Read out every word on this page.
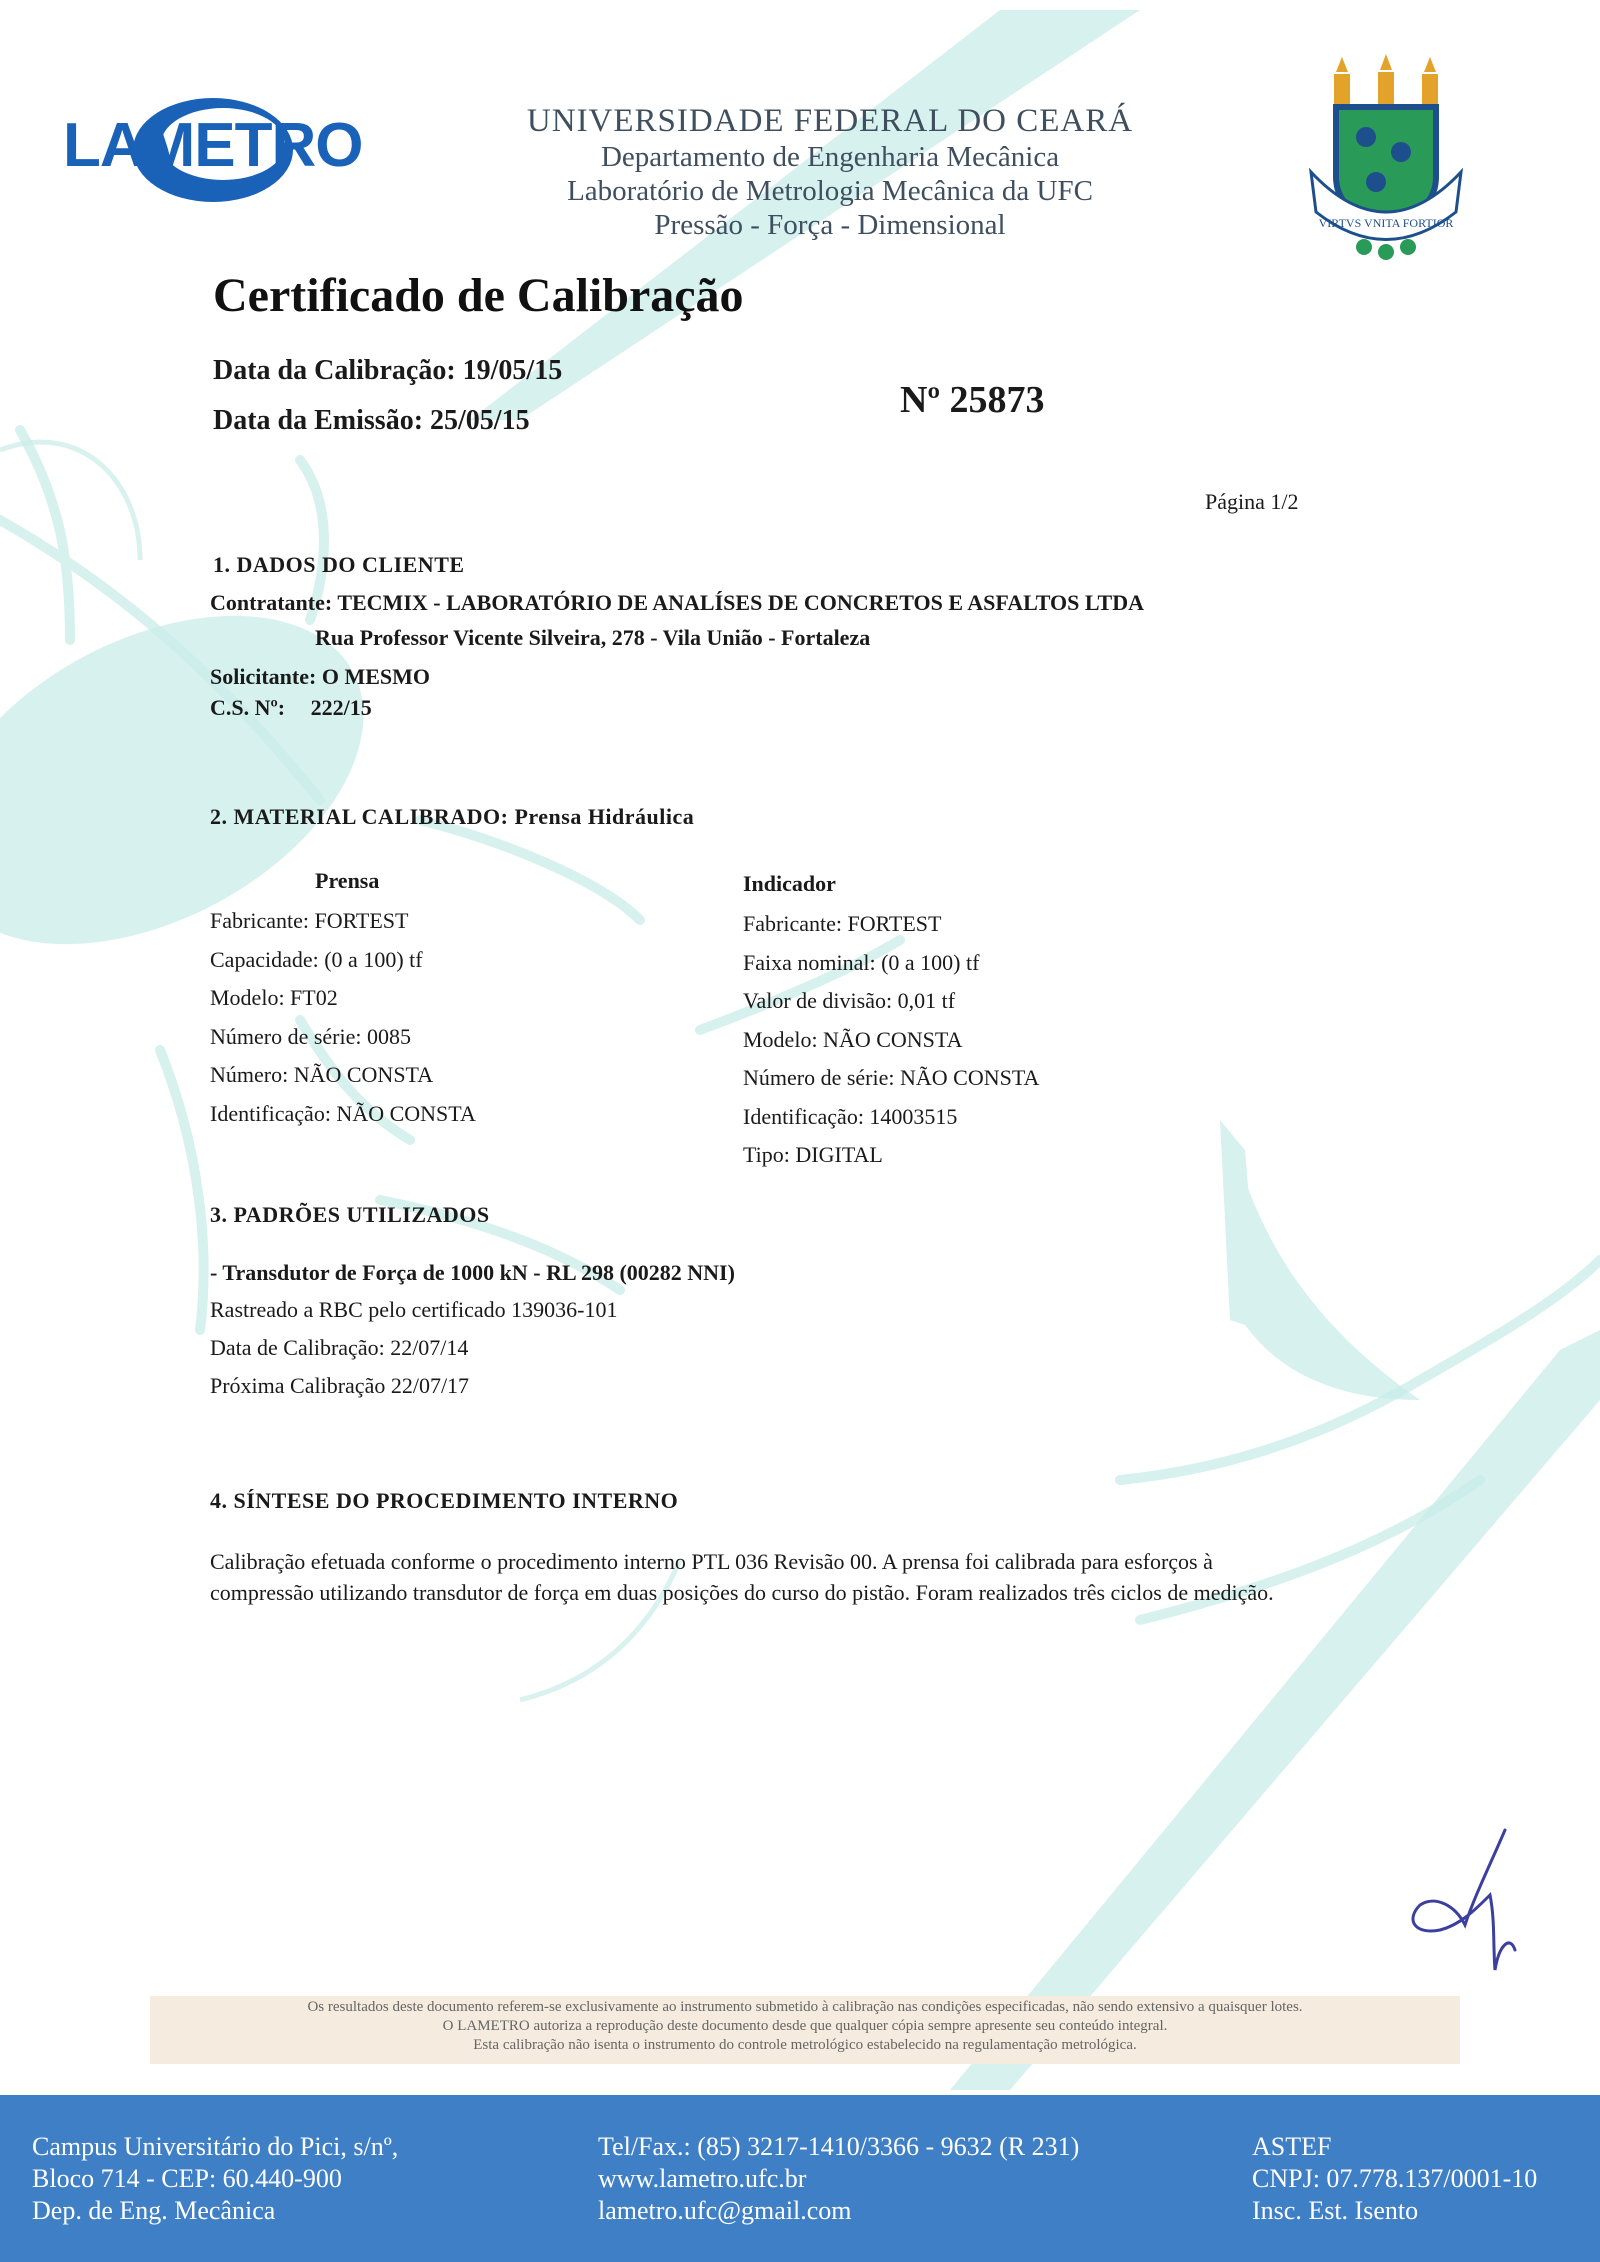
LAMETRO	UNIVERSIDADE FEDERAL DO CEARÁ
Departamento de Engenharia Mecânica
Laboratório de Metrologia Mecânica da UFC
Pressão - Força - Dimensional	VIRTVS VNITA FORTIOR
Certificado de Calibração
Data da Calibração: 19/05/15
Data da Emissão: 25/05/15	Nº 25873
Página 1/2
1. DADOS DO CLIENTE
Contratante: TECMIX - LABORATÓRIO DE ANALÍSES DE CONCRETOS E ASFALTOS LTDA
Rua Professor Vicente Silveira, 278 - Vila União - Fortaleza
Solicitante: O MESMO
C.S. Nº: 222/15
2. MATERIAL CALIBRADO: Prensa Hidráulica
Prensa
Fabricante: FORTEST
Capacidade: (0 a 100) tf
Modelo: FT02
Número de série: 0085
Número: NÃO CONSTA
Identificação: NÃO CONSTA
Indicador
Fabricante: FORTEST
Faixa nominal: (0 a 100) tf
Valor de divisão: 0,01 tf
Modelo: NÃO CONSTA
Número de série: NÃO CONSTA
Identificação: 14003515
Tipo: DIGITAL
3. PADRÕES UTILIZADOS
- Transdutor de Força de 1000 kN - RL 298 (00282 NNI)
Rastreado a RBC pelo certificado 139036-101
Data de Calibração: 22/07/14
Próxima Calibração 22/07/17
4. SÍNTESE DO PROCEDIMENTO INTERNO
Calibração efetuada conforme o procedimento interno PTL 036 Revisão 00. A prensa foi calibrada para esforços à
compressão utilizando transdutor de força em duas posições do curso do pistão. Foram realizados três ciclos de medição.
Os resultados deste documento referem-se exclusivamente ao instrumento submetido à calibração nas condições especificadas, não sendo extensivo a quaisquer lotes.
O LAMETRO autoriza a reprodução deste documento desde que qualquer cópia sempre apresente seu conteúdo integral.
Esta calibração não isenta o instrumento do controle metrológico estabelecido na regulamentação metrológica.
Campus Universitário do Pici, s/nº,
Bloco 714 - CEP: 60.440-900
Dep. de Eng. Mecânica
Tel/Fax.: (85) 3217-1410/3366 - 9632 (R 231)
www.lametro.ufc.br
lametro.ufc@gmail.com
ASTEF
CNPJ: 07.778.137/0001-10
Insc. Est. Isento
